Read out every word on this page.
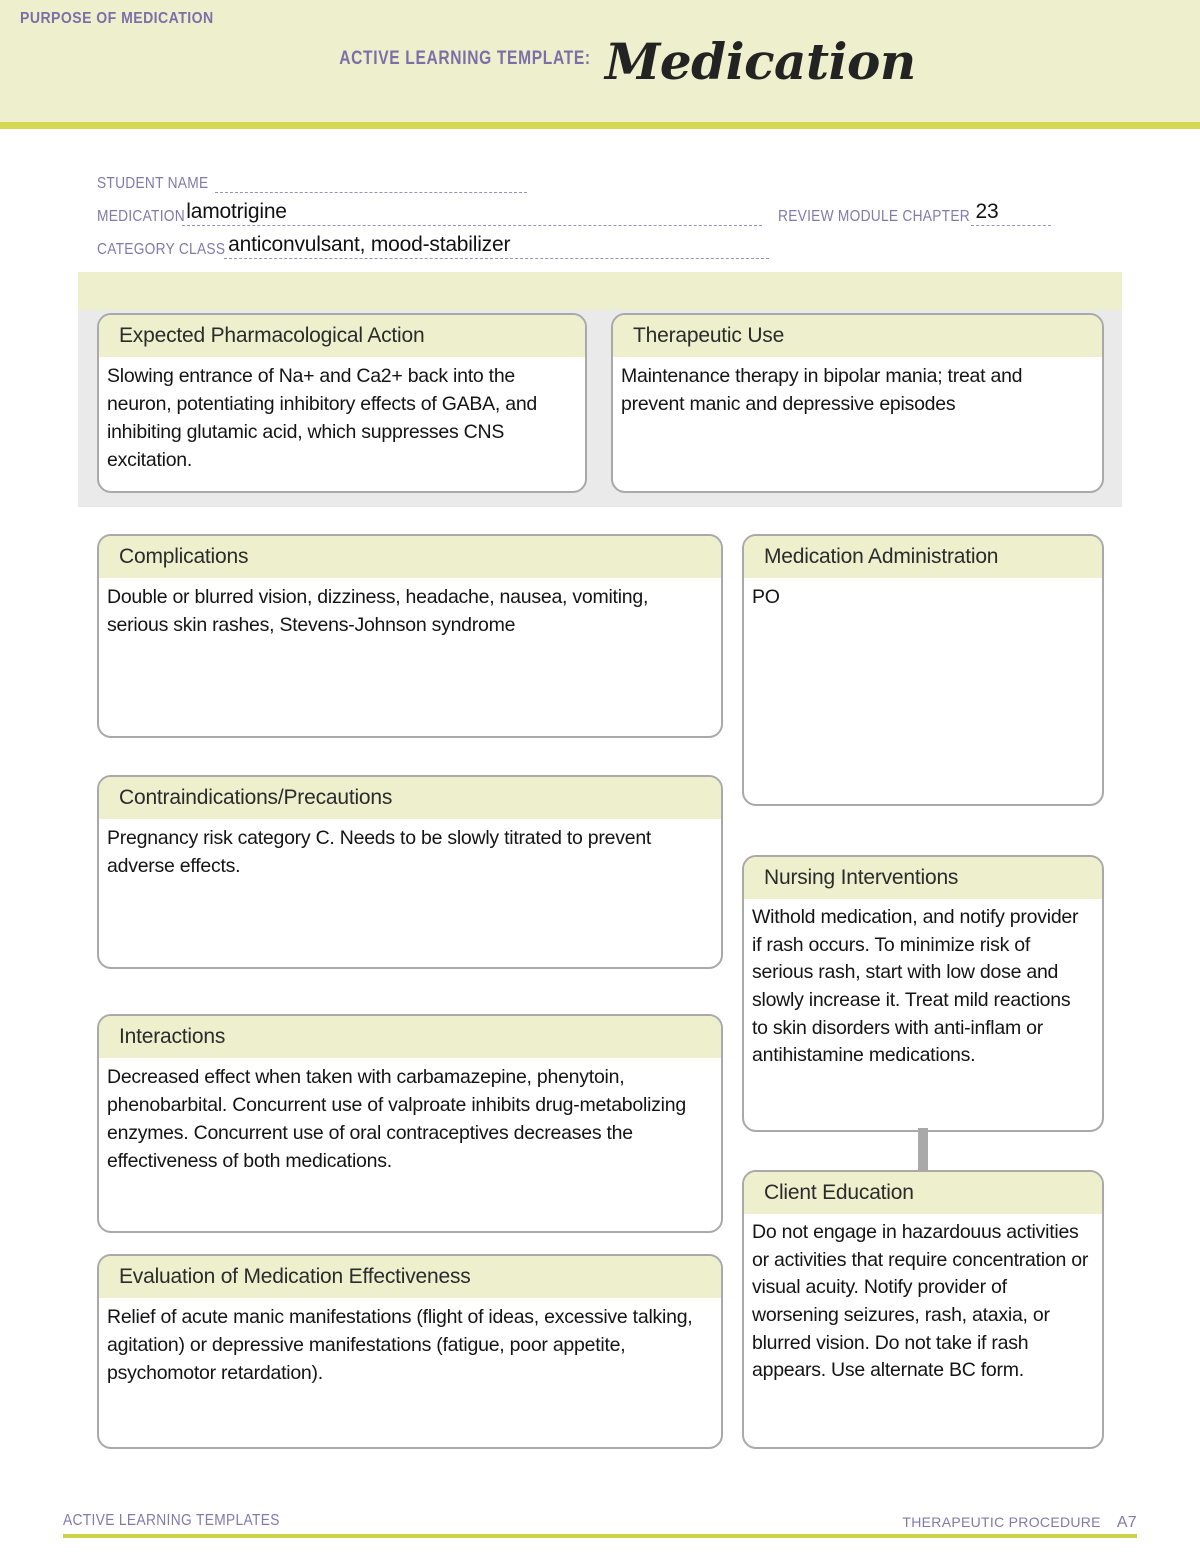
ACTIVE LEARNING TEMPLATE: Medication
STUDENT NAME
MEDICATION lamotrigine	REVIEW MODULE CHAPTER 23
CATEGORY CLASS anticonvulsant, mood-stabilizer
PURPOSE OF MEDICATION
Expected Pharmacological Action
Slowing entrance of Na+ and Ca2+ back into the neuron, potentiating inhibitory effects of GABA, and inhibiting glutamic acid, which suppresses CNS excitation.
Therapeutic Use
Maintenance therapy in bipolar mania; treat and prevent manic and depressive episodes
Complications
Double or blurred vision, dizziness, headache, nausea, vomiting, serious skin rashes, Stevens-Johnson syndrome
Contraindications/Precautions
Pregnancy risk category C. Needs to be slowly titrated to prevent adverse effects.
Interactions
Decreased effect when taken with carbamazepine, phenytoin, phenobarbital. Concurrent use of valproate inhibits drug-metabolizing enzymes. Concurrent use of oral contraceptives decreases the effectiveness of both medications.
Evaluation of Medication Effectiveness
Relief of acute manic manifestations (flight of ideas, excessive talking, agitation) or depressive manifestations (fatigue, poor appetite, psychomotor retardation).
Medication Administration
PO
Nursing Interventions
Withold medication, and notify provider if rash occurs. To minimize risk of serious rash, start with low dose and slowly increase it. Treat mild reactions to skin disorders with anti-inflam or antihistamine medications.
Client Education
Do not engage in hazardouus activities or activities that require concentration or visual acuity. Notify provider of worsening seizures, rash, ataxia, or blurred vision. Do not take if rash appears. Use alternate BC form.
ACTIVE LEARNING TEMPLATES	THERAPEUTIC PROCEDURE A7
